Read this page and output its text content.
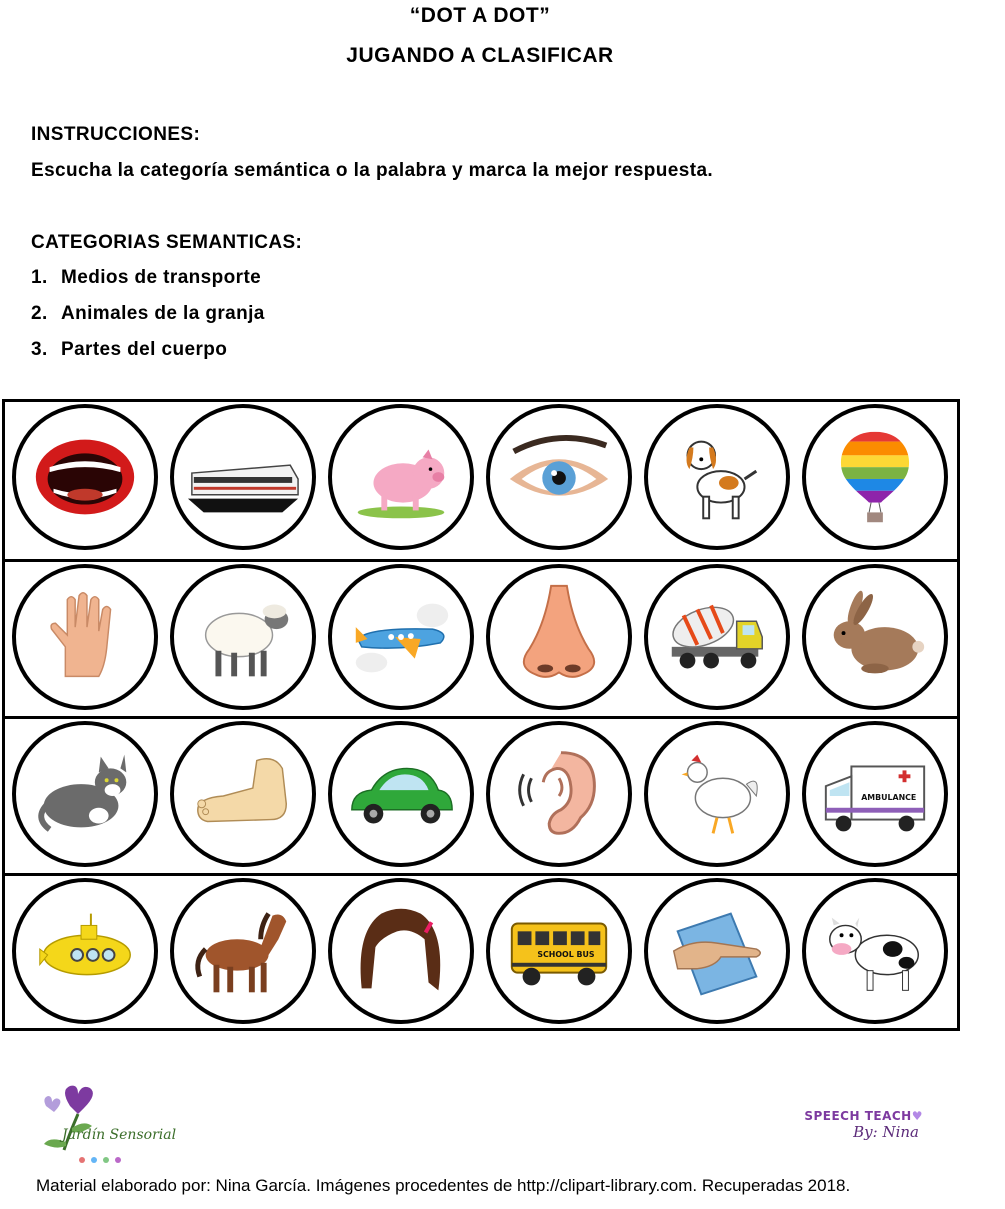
“DOT A DOT”
JUGANDO A CLASIFICAR
INSTRUCCIONES:
Escucha la categoría semántica o la palabra y marca la mejor respuesta.
CATEGORIAS SEMANTICAS:
1. Medios de transporte
2. Animales de la granja
3. Partes del cuerpo
AMBULANCE
SCHOOL BUS
Jardín Sensorial
SPEECH TEACH♥
By: Nina
Material elaborado por: Nina García. Imágenes procedentes de http://clipart-library.com. Recuperadas 2018.
